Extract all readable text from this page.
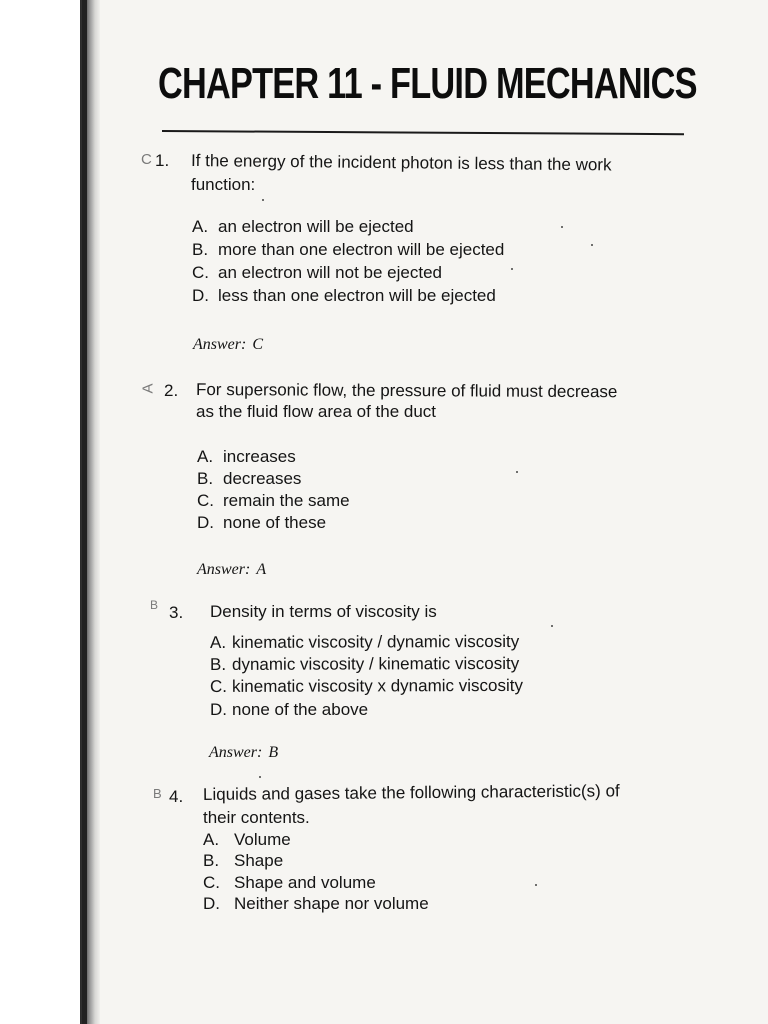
CHAPTER 11 - FLUID MECHANICS
C 1. If the energy of the incident photon is less than the work
function:
A. an electron will be ejected
B. more than one electron will be ejected
C. an electron will not be ejected
D. less than one electron will be ejected
Answer: C
A 2. For supersonic flow, the pressure of fluid must decrease
as the fluid flow area of the duct
A. increases
B. decreases
C. remain the same
D. none of these
Answer: A
B 3. Density in terms of viscosity is
A. kinematic viscosity / dynamic viscosity
B. dynamic viscosity / kinematic viscosity
C. kinematic viscosity x dynamic viscosity
D. none of the above
Answer: B
B 4. Liquids and gases take the following characteristic(s) of
their contents.
A. Volume
B. Shape
C. Shape and volume
D. Neither shape nor volume
